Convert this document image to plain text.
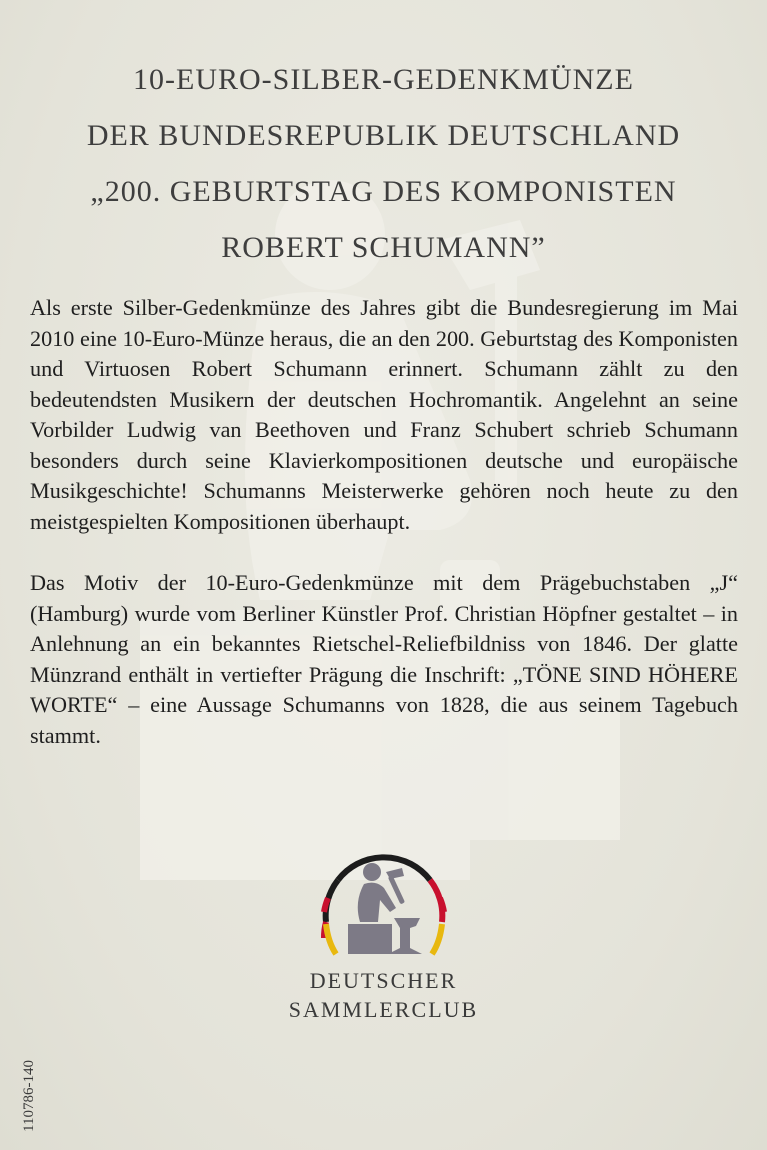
10-EURO-SILBER-GEDENKMÜNZE
DER BUNDESREPUBLIK DEUTSCHLAND
„200. GEBURTSTAG DES KOMPONISTEN
ROBERT SCHUMANN”

Als erste Silber-Gedenkmünze des Jahres gibt die Bundesregierung im Mai 2010 eine 10-Euro-Münze heraus, die an den 200. Geburtstag des Komponisten und Virtuosen Robert Schumann erinnert. Schumann zählt zu den bedeutendsten Musikern der deutschen Hochromantik. Angelehnt an seine Vorbilder Ludwig van Beethoven und Franz Schubert schrieb Schumann besonders durch seine Klavierkompositionen deutsche und europäische Musikgeschichte! Schumanns Meisterwerke gehören noch heute zu den meistgespielten Kompositionen überhaupt.

Das Motiv der 10-Euro-Gedenkmünze mit dem Prägebuchstaben „J“ (Hamburg) wurde vom Berliner Künstler Prof. Christian Höpfner gestaltet – in Anlehnung an ein bekanntes Rietschel-Reliefbildniss von 1846. Der glatte Münzrand enthält in vertiefter Prägung die Inschrift: „TÖNE SIND HÖHERE WORTE“ – eine Aussage Schumanns von 1828, die aus seinem Tagebuch stammt.

DEUTSCHER
SAMMLERCLUB
110786-140
